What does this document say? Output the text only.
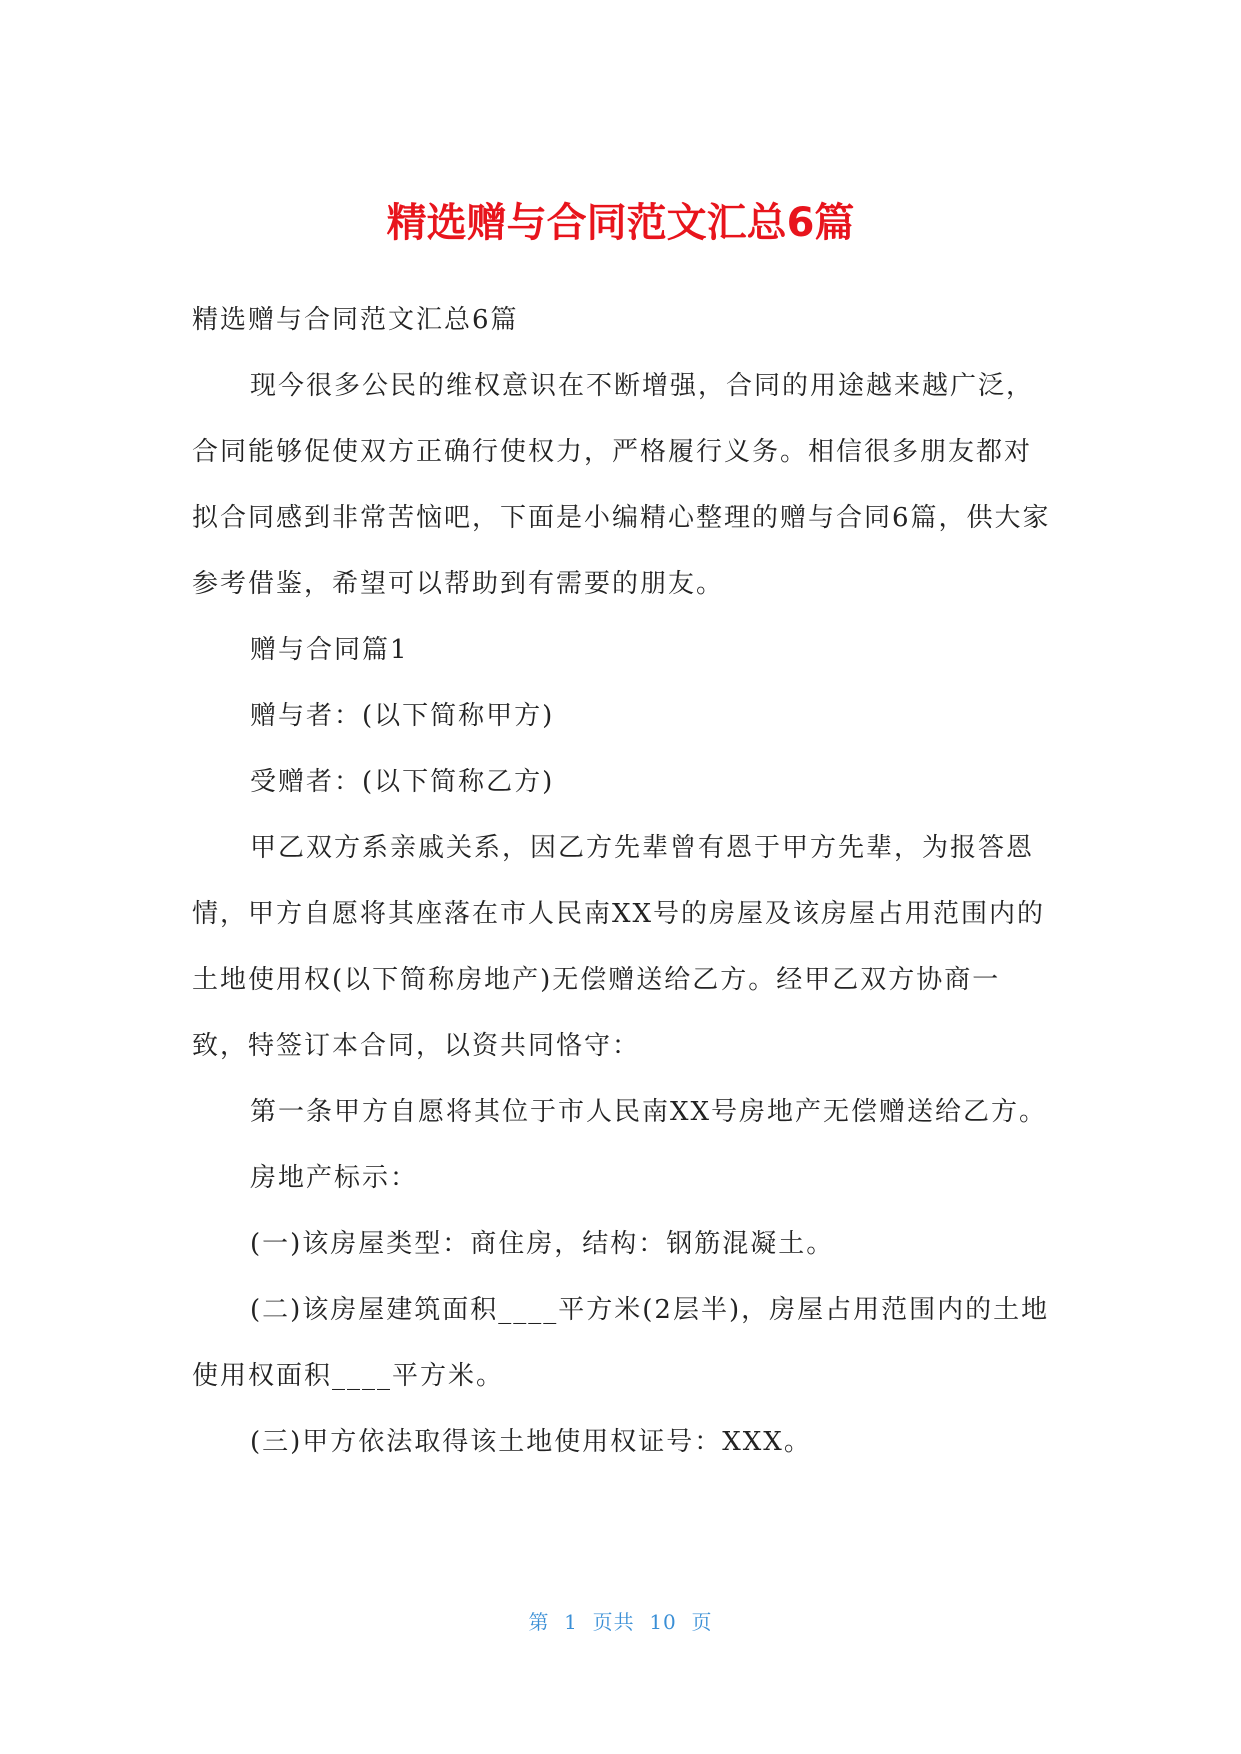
精选赠与合同范文汇总6篇

精选赠与合同范文汇总6篇

现今很多公民的维权意识在不断增强，合同的用途越来越广泛，合同能够促使双方正确行使权力，严格履行义务。相信很多朋友都对拟合同感到非常苦恼吧，下面是小编精心整理的赠与合同6篇，供大家参考借鉴，希望可以帮助到有需要的朋友。

赠与合同篇1

赠与者：(以下简称甲方)

受赠者：(以下简称乙方)

甲乙双方系亲戚关系，因乙方先辈曾有恩于甲方先辈，为报答恩情，甲方自愿将其座落在市人民南XX号的房屋及该房屋占用范围内的土地使用权(以下简称房地产)无偿赠送给乙方。经甲乙双方协商一致，特签订本合同，以资共同恪守：

第一条甲方自愿将其位于市人民南XX号房地产无偿赠送给乙方。

房地产标示：

(一)该房屋类型：商住房，结构：钢筋混凝土。

(二)该房屋建筑面积____平方米(2层半)，房屋占用范围内的土地使用权面积____平方米。

(三)甲方依法取得该土地使用权证号：XXX。

第  1  页共  10  页
